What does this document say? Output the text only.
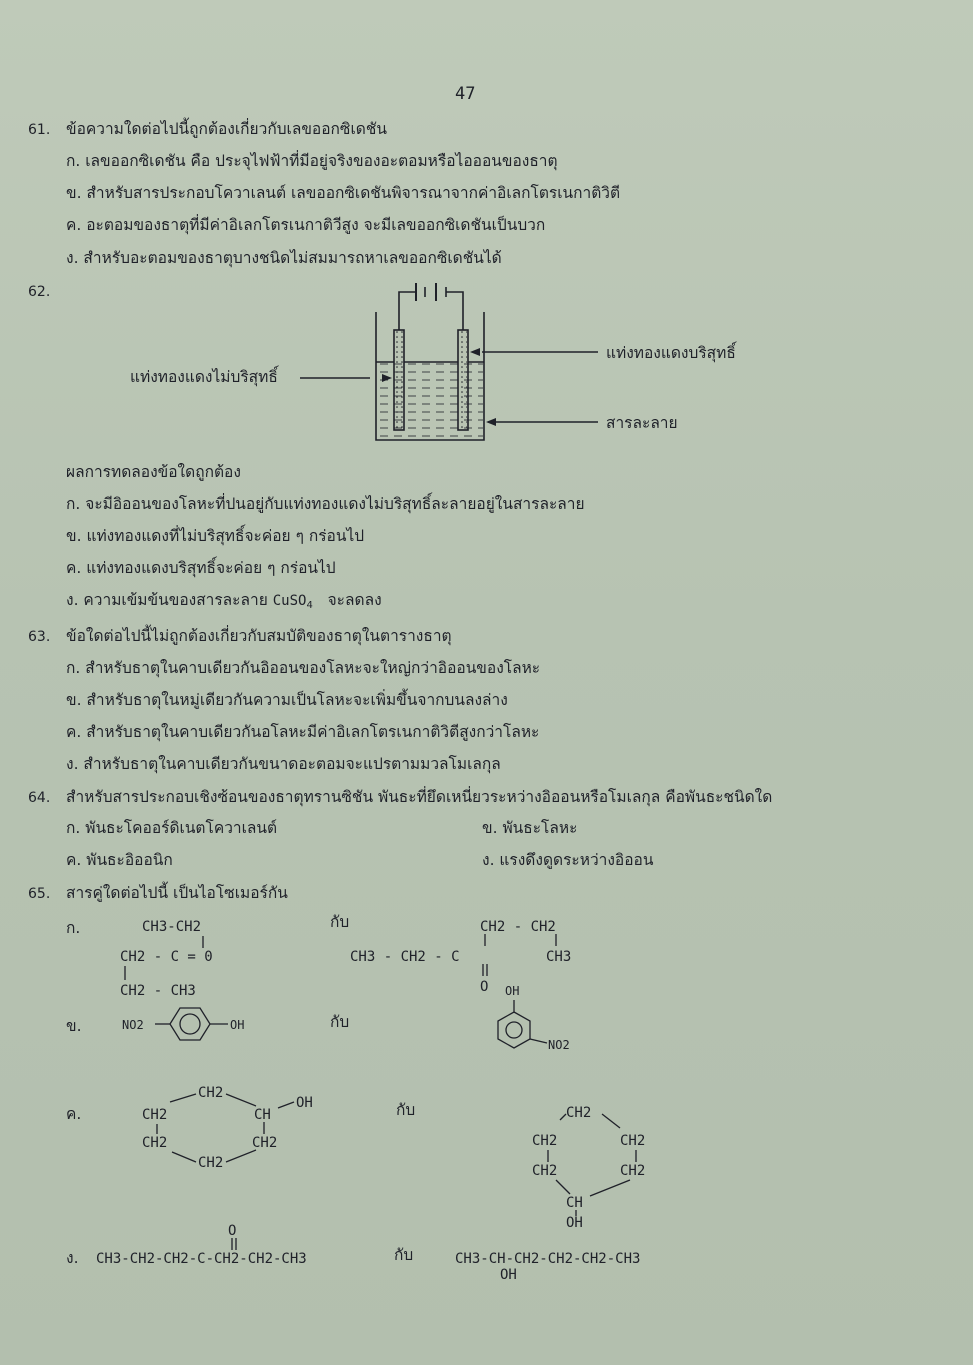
47
61. ข้อความใดต่อไปนี้ถูกต้องเกี่ยวกับเลขออกซิเดชัน
ก. เลขออกซิเดชัน คือ ประจุไฟฟ้าที่มีอยู่จริงของอะตอมหรือไอออนของธาตุ
ข. สำหรับสารประกอบโควาเลนต์ เลขออกซิเดชันพิจารณาจากค่าอิเลกโตรเนกาติวิตี
ค. อะตอมของธาตุที่มีค่าอิเลกโตรเนกาติวีสูง จะมีเลขออกซิเดชันเป็นบวก
ง. สำหรับอะตอมของธาตุบางชนิดไม่สมมารถหาเลขออกซิเดชันได้
62.
แท่งทองแดงไม่บริสุทธิ์
แท่งทองแดงบริสุทธิ์
สารละลาย
ผลการทดลองข้อใดถูกต้อง
ก. จะมีอิออนของโลหะที่ปนอยู่กับแท่งทองแดงไม่บริสุทธิ์ละลายอยู่ในสารละลาย
ข. แท่งทองแดงที่ไม่บริสุทธิ์จะค่อย ๆ กร่อนไป
ค. แท่งทองแดงบริสุทธิ์จะค่อย ๆ กร่อนไป
ง. ความเข้มข้นของสารละลาย CuSO$_4$ จะลดลง
63. ข้อใดต่อไปนี้ไม่ถูกต้องเกี่ยวกับสมบัติของธาตุในตารางธาตุ
ก. สำหรับธาตุในคาบเดียวกันอิออนของโลหะจะใหญ่กว่าอิออนของโลหะ
ข. สำหรับธาตุในหมู่เดียวกันความเป็นโลหะจะเพิ่มขึ้นจากบนลงล่าง
ค. สำหรับธาตุในคาบเดียวกันอโลหะมีค่าอิเลกโตรเนกาติวิตีสูงกว่าโลหะ
ง. สำหรับธาตุในคาบเดียวกันขนาดอะตอมจะแปรตามมวลโมเลกุล
64. สำหรับสารประกอบเชิงซ้อนของธาตุทรานซิชัน พันธะที่ยึดเหนี่ยวระหว่างอิออนหรือโมเลกุล คือพันธะชนิดใด
ก. พันธะโคออร์ดิเนตโควาเลนต์	ข. พันธะโลหะ
ค. พันธะอิออนิก	ง. แรงดึงดูดระหว่างอิออน
65. สารคู่ใดต่อไปนี้ เป็นไอโซเมอร์กัน
ก.	CH3-CH2
CH2 - C = 0
CH2 - CH3
กับ	CH2 - CH2
CH3 - CH2 - C	CH3
O
ข.	NO2	OH	กับ
OH
NO2
ค.
CH2
CH2	CH
OH
CH2	CH2
CH2
กับ	CH2
CH2	CH2
CH2	CH2
CH
OH
O
ง. CH3-CH2-CH2-C-CH2-CH2-CH3	กับ	CH3-CH-CH2-CH2-CH2-CH3
OH
